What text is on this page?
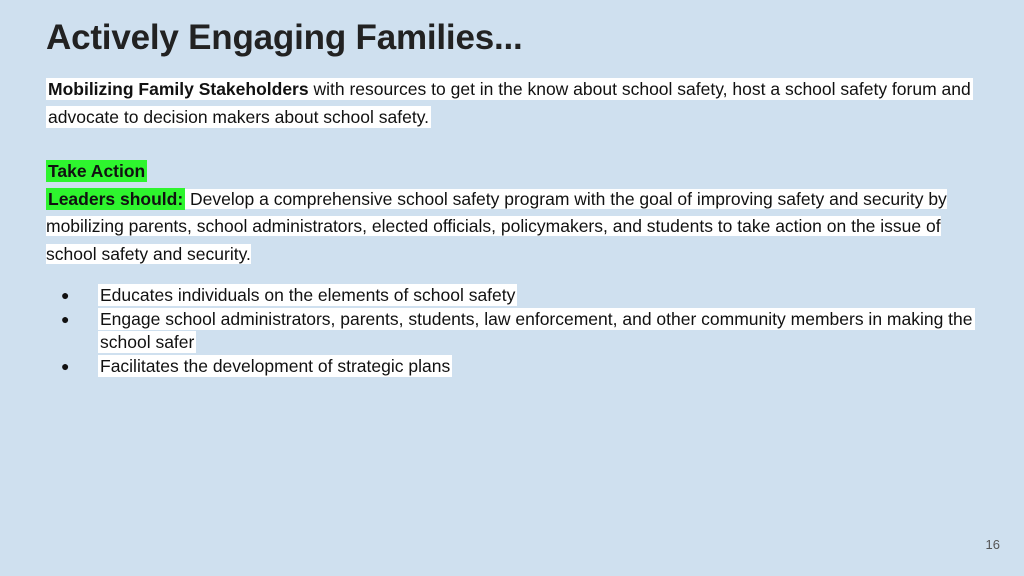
Actively Engaging Families...
Mobilizing Family Stakeholders with resources to get in the know about school safety, host a school safety forum and advocate to decision makers about school safety.
Take Action
Leaders should: Develop a comprehensive school safety program with the goal of improving safety and security by mobilizing parents, school administrators, elected officials, policymakers, and students to take action on the issue of school safety and security.
● Educates individuals on the elements of school safety
● Engage school administrators, parents, students, law enforcement, and other community members in making the school safer
● Facilitates the development of strategic plans
16
